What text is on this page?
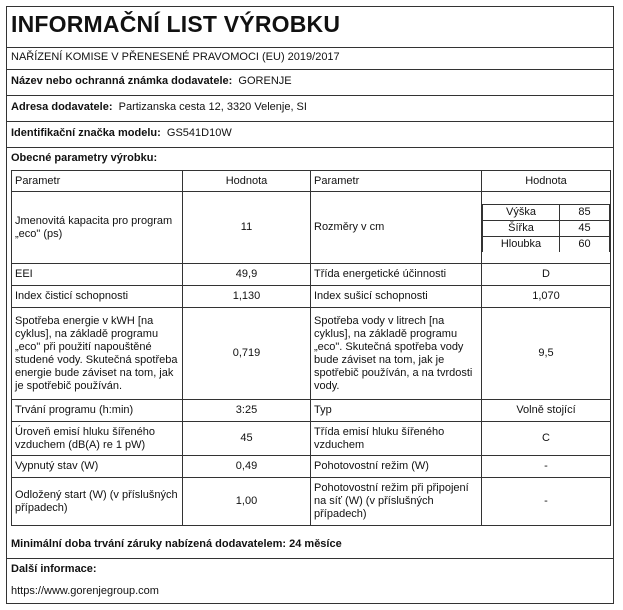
INFORMAČNÍ LIST VÝROBKU
NAŘÍZENÍ KOMISE V PŘENESENÉ PRAVOMOCI (EU) 2019/2017
Název nebo ochranná známka dodavatele: GORENJE
Adresa dodavatele: Partizanska cesta 12, 3320 Velenje, SI
Identifikační značka modelu: GS541D10W
Obecné parametry výrobku:
Parametr	Hodnota	Parametr	Hodnota
Jmenovitá kapacita pro program „eco" (ps)	11	Rozměry v cm	
Výška	85
Šířka	45
Hloubka	60

EEI	49,9	Třída energetické účinnosti	D
Index čisticí schopnosti	1,130	Index sušicí schopnosti	1,070
Spotřeba energie v kWH [na cyklus], na základě programu „eco" při použití napouštěné studené vody. Skutečná spotřeba energie bude záviset na tom, jak je spotřebič používán.	0,719	Spotřeba vody v litrech [na cyklus], na základě programu „eco". Skutečná spotřeba vody bude záviset na tom, jak je spotřebič používán, a na tvrdosti vody.	9,5
Trvání programu (h:min)	3:25	Typ	Volně stojící
Úroveň emisí hluku šířeného vzduchem (dB(A) re 1 pW)	45	Třída emisí hluku šířeného vzduchem	C
Vypnutý stav (W)	0,49	Pohotovostní režim (W)	-
Odložený start (W) (v příslušných případech)	1,00	Pohotovostní režim při připojení na síť (W) (v příslušných případech)	-
Minimální doba trvání záruky nabízená dodavatelem: 24 měsíce
Další informace:
https://www.gorenjegroup.com
